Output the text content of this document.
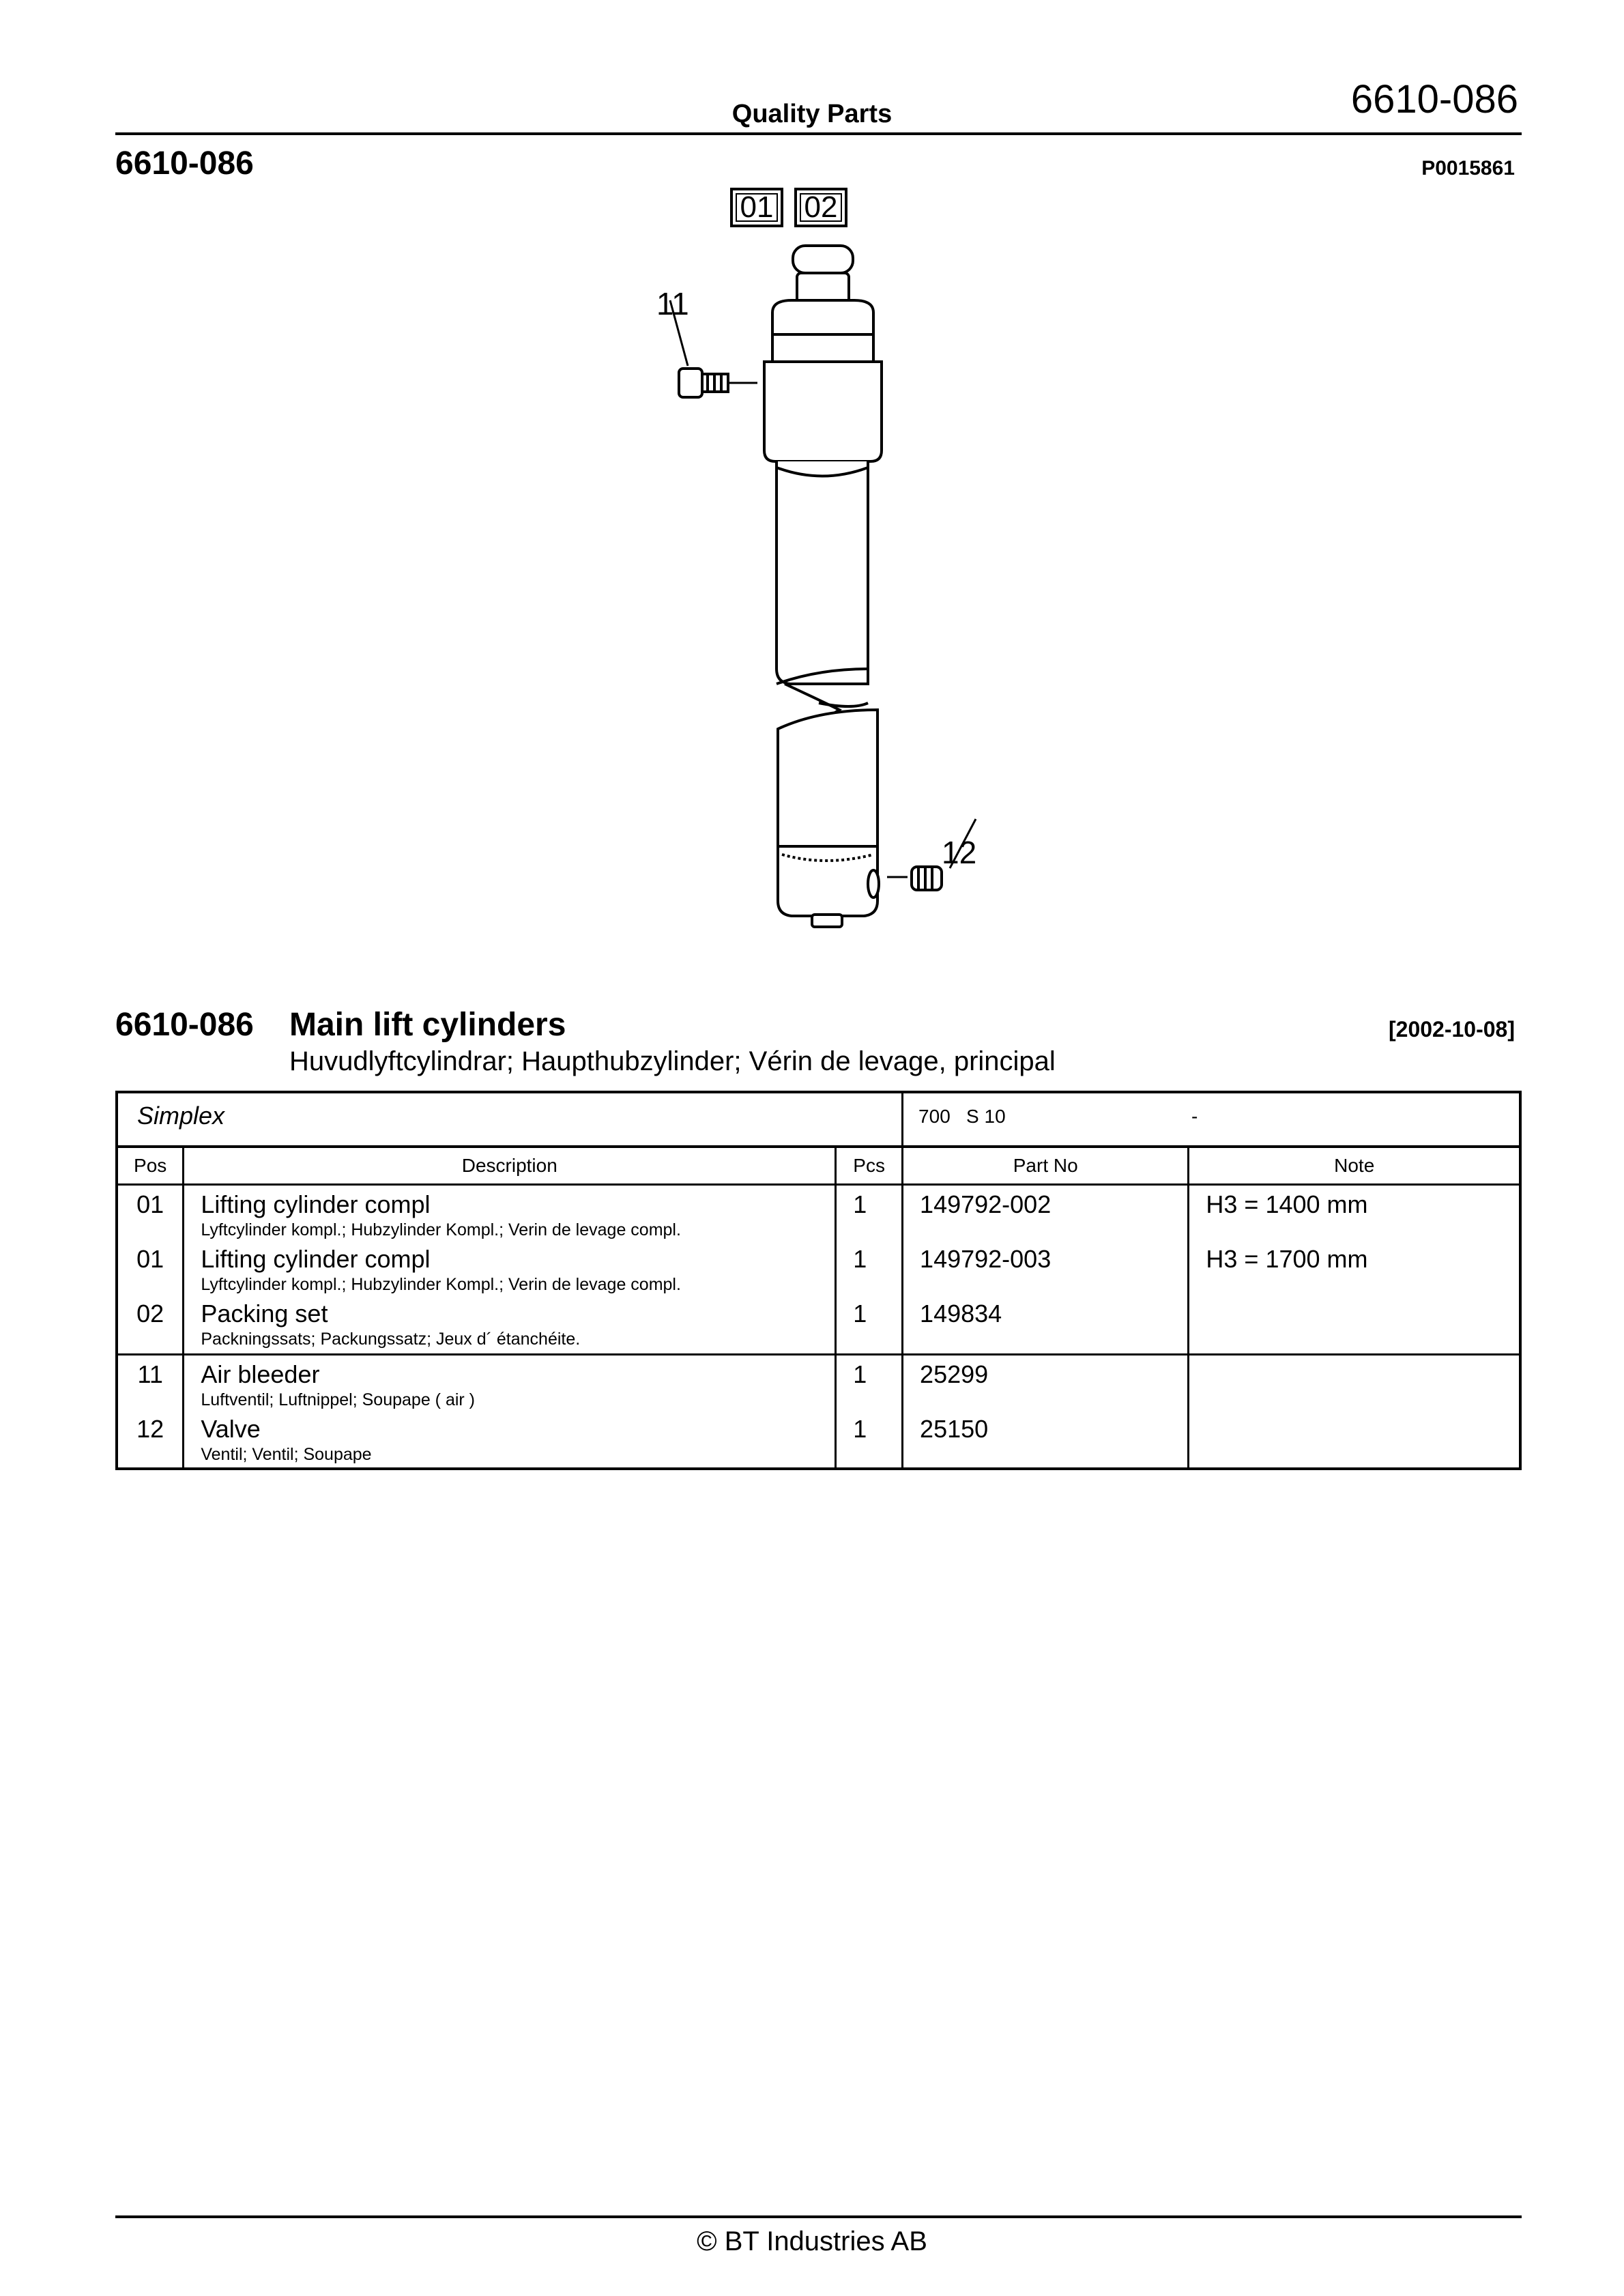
Quality Parts	6610-086
6610-086	P0015861
01	02
11
12
6610-086 Main lift cylinders
Huvudlyftcylindrar; Haupthubzylinder; Vérin de levage, principal
[2002-10-08]
Simplex			700 S 10 -	
Pos	Description	Pcs	Part No	Note
01	Lifting cylinder compl
Lyftcylinder kompl.; Hubzylinder Kompl.; Verin de levage compl.	1	149792-002	H3 = 1400 mm
01	Lifting cylinder compl
Lyftcylinder kompl.; Hubzylinder Kompl.; Verin de levage compl.	1	149792-003	H3 = 1700 mm
02	Packing set
Packningssats; Packungssatz; Jeux d´ étanchéite.	1	149834	
11	Air bleeder
Luftventil; Luftnippel; Soupape ( air )	1	25299	
12	Valve
Ventil; Ventil; Soupape	1	25150	
© BT Industries AB
